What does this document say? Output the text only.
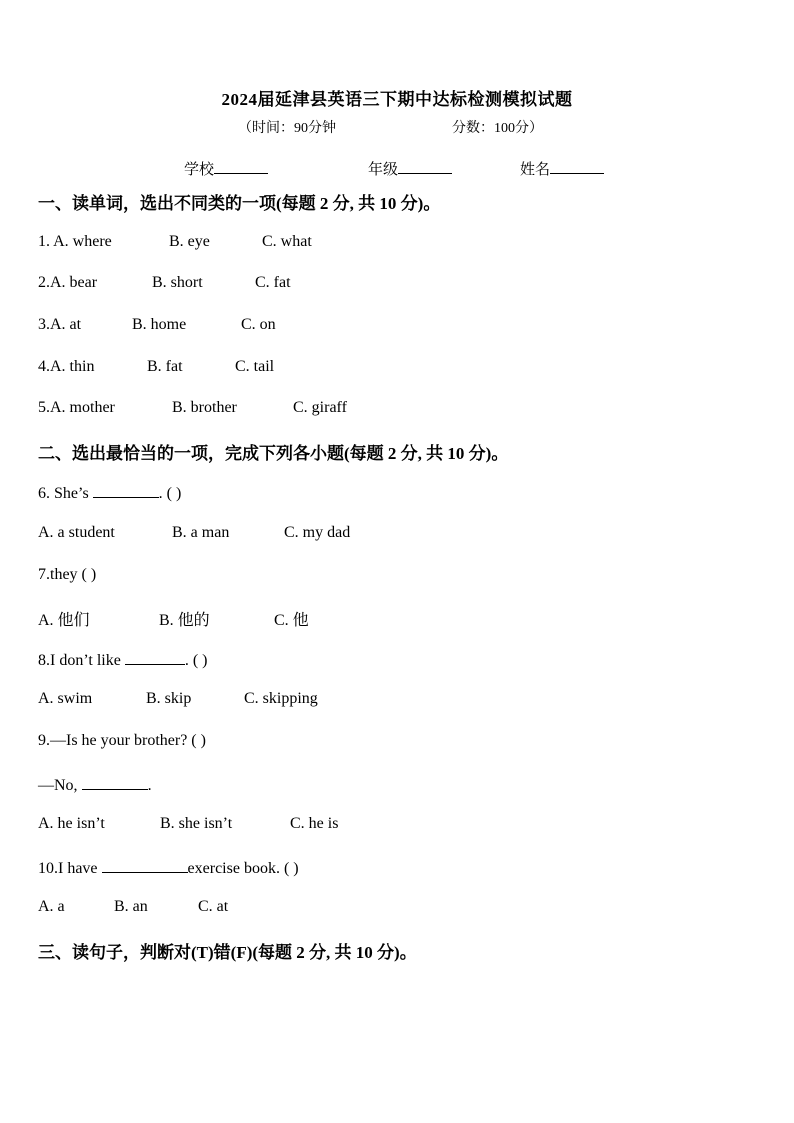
2024届延津县英语三下期中达标检测模拟试题
（时间：90分钟	分数：100分）
学校	年级	姓名
一、读单词，选出不同类的一项(每题 2 分, 共 10 分)。
1. A. where	B. eye	C. what
2.A. bear	B. short	C. fat
3.A. at	B. home	C. on
4.A. thin	B. fat	C. tail
5.A. mother	B. brother	C. giraff
二、选出最恰当的一项，完成下列各小题(每题 2 分, 共 10 分)。
6. She’s	. ( )
A. a student	B. a man	C. my dad
7.they ( )
A. 他们	B. 他的	C. 他
8.I don’t like	. ( )
A. swim	B. skip	C. skipping
9.—Is he your brother? ( )
—No,	.
A. he isn’t	B. she isn’t	C. he is
10.I have	exercise book. ( )
A. a	B. an	C. at
三、读句子，判断对(T)错(F)(每题 2 分, 共 10 分)。
